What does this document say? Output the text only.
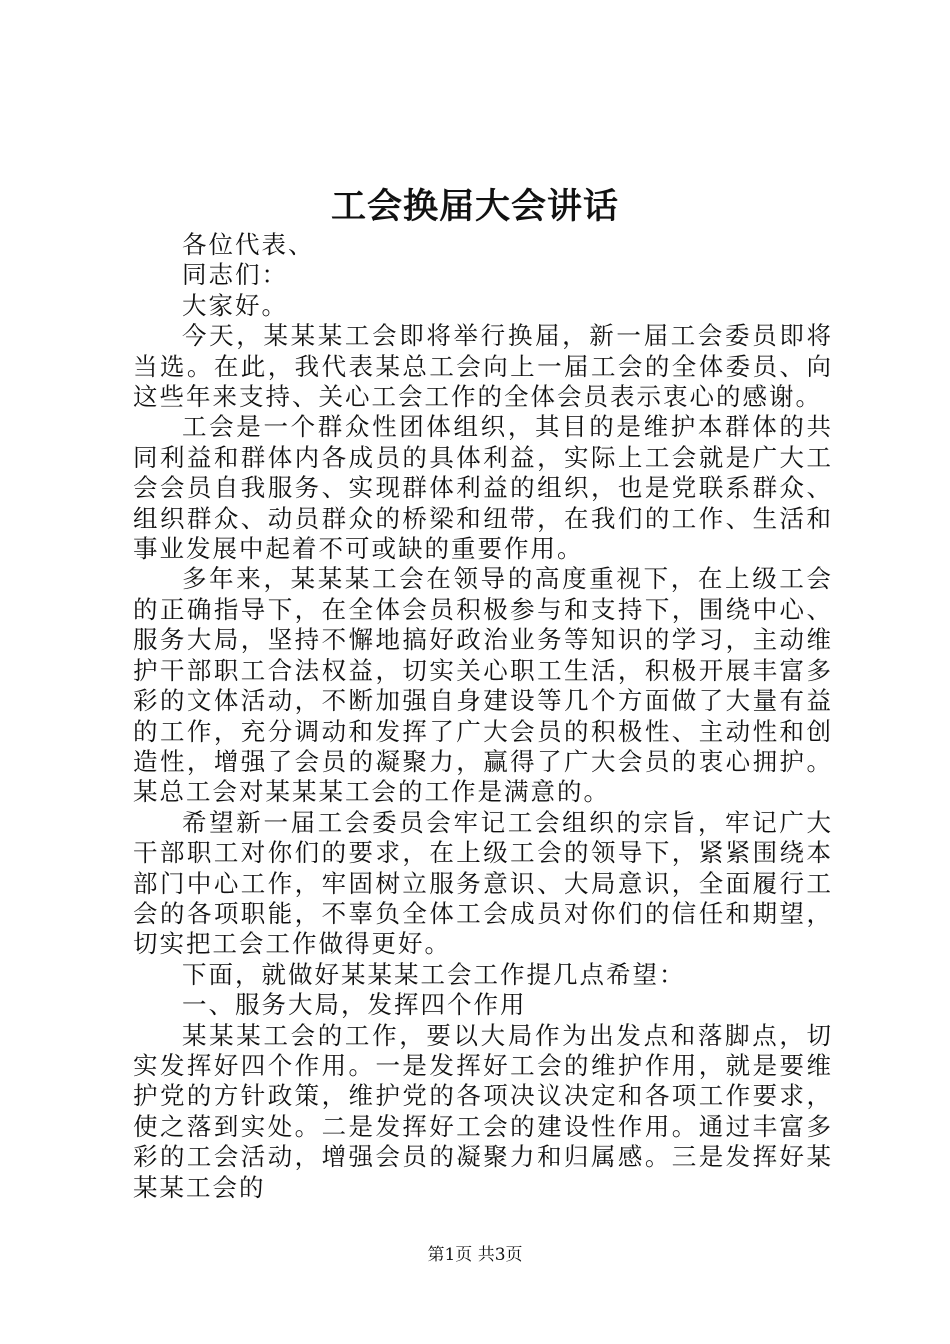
工会换届大会讲话

各位代表、

同志们：

大家好。

今天，某某某工会即将举行换届，新一届工会委员即将当选。在此，我代表某总工会向上一届工会的全体委员、向这些年来支持、关心工会工作的全体会员表示衷心的感谢。

工会是一个群众性团体组织，其目的是维护本群体的共同利益和群体内各成员的具体利益，实际上工会就是广大工会会员自我服务、实现群体利益的组织，也是党联系群众、组织群众、动员群众的桥梁和纽带，在我们的工作、生活和事业发展中起着不可或缺的重要作用。

多年来，某某某工会在领导的高度重视下，在上级工会的正确指导下，在全体会员积极参与和支持下，围绕中心、服务大局，坚持不懈地搞好政治业务等知识的学习，主动维护干部职工合法权益，切实关心职工生活，积极开展丰富多彩的文体活动，不断加强自身建设等几个方面做了大量有益的工作，充分调动和发挥了广大会员的积极性、主动性和创造性，增强了会员的凝聚力，赢得了广大会员的衷心拥护。某总工会对某某某工会的工作是满意的。

希望新一届工会委员会牢记工会组织的宗旨，牢记广大干部职工对你们的要求，在上级工会的领导下，紧紧围绕本部门中心工作，牢固树立服务意识、大局意识，全面履行工会的各项职能，不辜负全体工会成员对你们的信任和期望，切实把工会工作做得更好。

下面，就做好某某某工会工作提几点希望：

一、服务大局，发挥四个作用

某某某工会的工作，要以大局作为出发点和落脚点，切实发挥好四个作用。一是发挥好工会的维护作用，就是要维护党的方针政策，维护党的各项决议决定和各项工作要求，使之落到实处。二是发挥好工会的建设性作用。通过丰富多彩的工会活动，增强会员的凝聚力和归属感。三是发挥好某某某工会的

第1页 共3页
